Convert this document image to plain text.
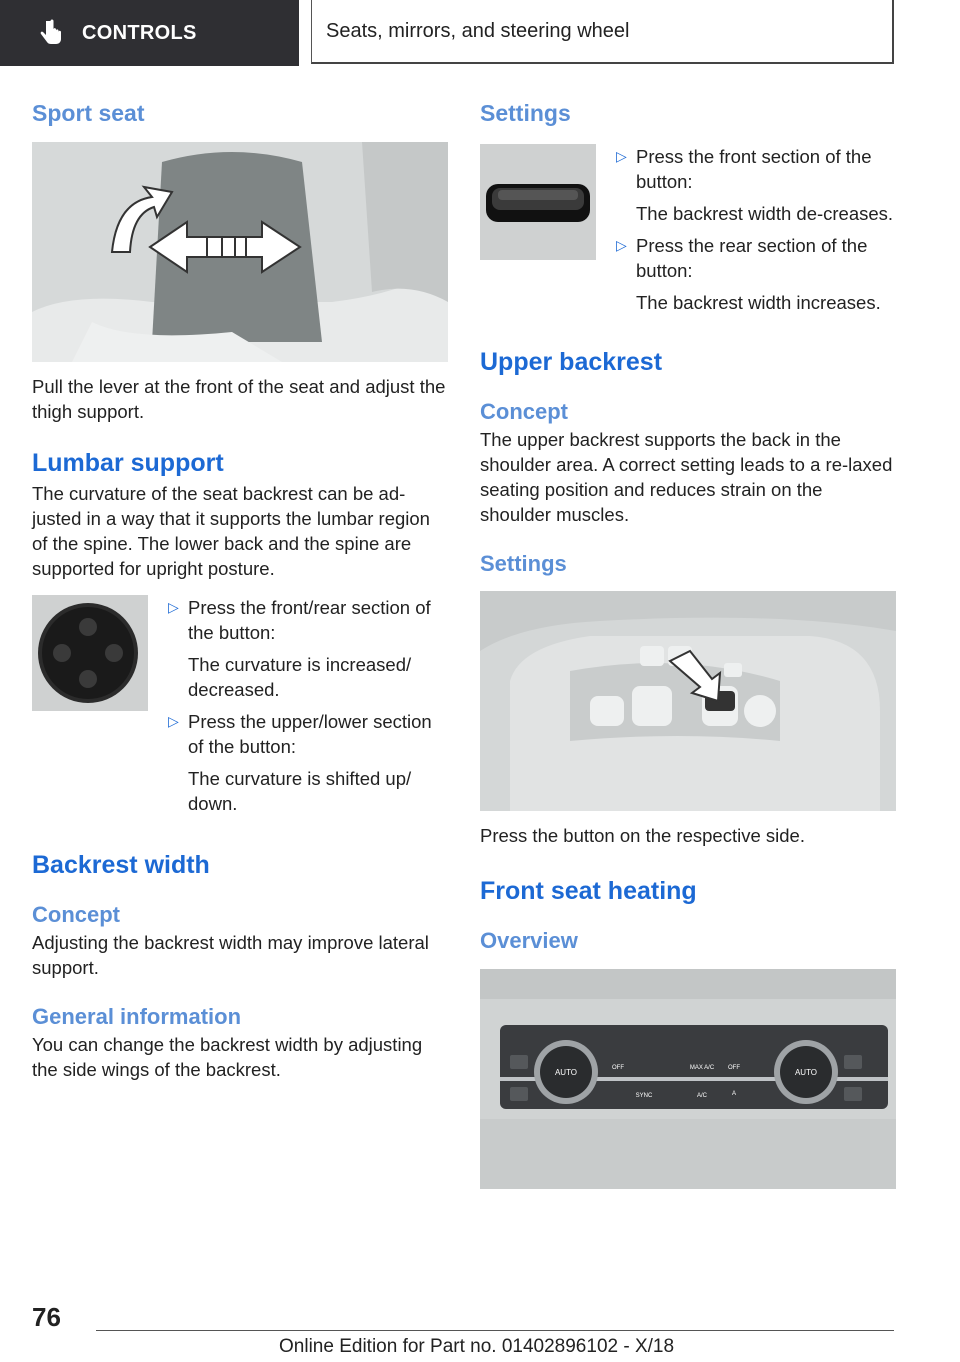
CONTROLS	Seats, mirrors, and steering wheel
Sport seat

Pull the lever at the front of the seat and adjust the thigh support.

Lumbar support

The curvature of the seat backrest can be ad‐justed in a way that it supports the lumbar region of the spine. The lower back and the spine are supported for upright posture.

▷ Press the front/rear section of the button:

The curvature is increased/ decreased.

▷ Press the upper/lower section of the button:

The curvature is shifted up/ down.

Backrest width
Concept

Adjusting the backrest width may improve lateral support.

General information

You can change the backrest width by adjusting the side wings of the backrest.

Settings
▷ Press the front section of the button:

The backrest width de‐creases.

▷ Press the rear section of the button:

The backrest width increases.

Upper backrest
Concept

The upper backrest supports the back in the shoulder area. A correct setting leads to a re‐laxed seating position and reduces strain on the shoulder muscles.

Settings

Press the button on the respective side.

Front seat heating
Overview
AUTO	OFF	MAX A/C OFF	AUTO
SYNC	A/C	A
76
Online Edition for Part no. 01402896102 - X/18
